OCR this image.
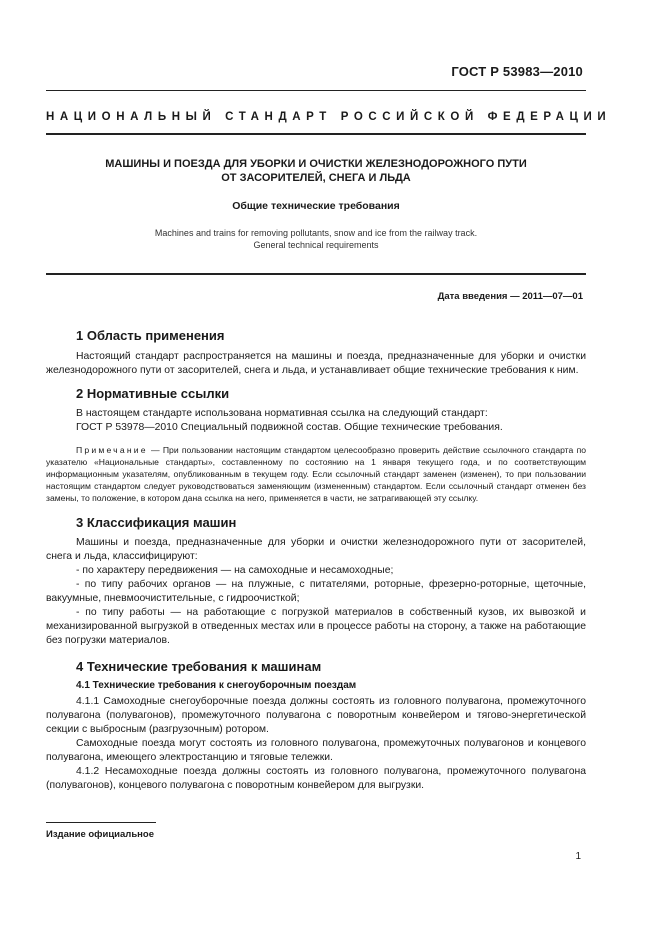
ГОСТ Р 53983—2010
НАЦИОНАЛЬНЫЙ СТАНДАРТ РОССИЙСКОЙ ФЕДЕРАЦИИ
МАШИНЫ И ПОЕЗДА ДЛЯ УБОРКИ И ОЧИСТКИ ЖЕЛЕЗНОДОРОЖНОГО ПУТИ
ОТ ЗАСОРИТЕЛЕЙ, СНЕГА И ЛЬДА
Общие технические требования
Machines and trains for removing pollutants, snow and ice from the railway track.
General technical requirements
Дата введения — 2011—07—01
1 Область применения

Настоящий стандарт распространяется на машины и поезда, предназначенные для уборки и очистки железнодорожного пути от засорителей, снега и льда, и устанавливает общие технические требования к ним.

2 Нормативные ссылки

В настоящем стандарте использована нормативная ссылка на следующий стандарт:

ГОСТ Р 53978—2010 Специальный подвижной состав. Общие технические требования.

Примечание — При пользовании настоящим стандартом целесообразно проверить действие ссылочного стандарта по указателю «Национальные стандарты», составленному по состоянию на 1 января текущего года, и по соответствующим информационным указателям, опубликованным в текущем году. Если ссылочный стандарт заменен (изменен), то при пользовании настоящим стандартом следует руководствоваться заменяющим (измененным) стандартом. Если ссылочный стандарт отменен без замены, то положение, в котором дана ссылка на него, применяется в части, не затрагивающей эту ссылку.
3 Классификация машин

Машины и поезда, предназначенные для уборки и очистки железнодорожного пути от засорителей, снега и льда, классифицируют:

- по характеру передвижения — на самоходные и несамоходные;

- по типу рабочих органов — на плужные, с питателями, роторные, фрезерно-роторные, щеточные, вакуумные, пневмоочистительные, с гидроочисткой;

- по типу работы — на работающие с погрузкой материалов в собственный кузов, их вывозкой и механизированной выгрузкой в отведенных местах или в процессе работы на сторону, а также на работающие без погрузки материалов.

4 Технические требования к машинам
4.1 Технические требования к снегоуборочным поездам

4.1.1 Самоходные снегоуборочные поезда должны состоять из головного полувагона, промежуточного полувагона (полувагонов), промежуточного полувагона с поворотным конвейером и тягово-энергетической секции с выбросным (разгрузочным) ротором.

Самоходные поезда могут состоять из головного полувагона, промежуточных полувагонов и концевого полувагона, имеющего электростанцию и тяговые тележки.

4.1.2 Несамоходные поезда должны состоять из головного полувагона, промежуточного полувагона (полувагонов), концевого полувагона с поворотным конвейером для выгрузки.

Издание официальное
1
